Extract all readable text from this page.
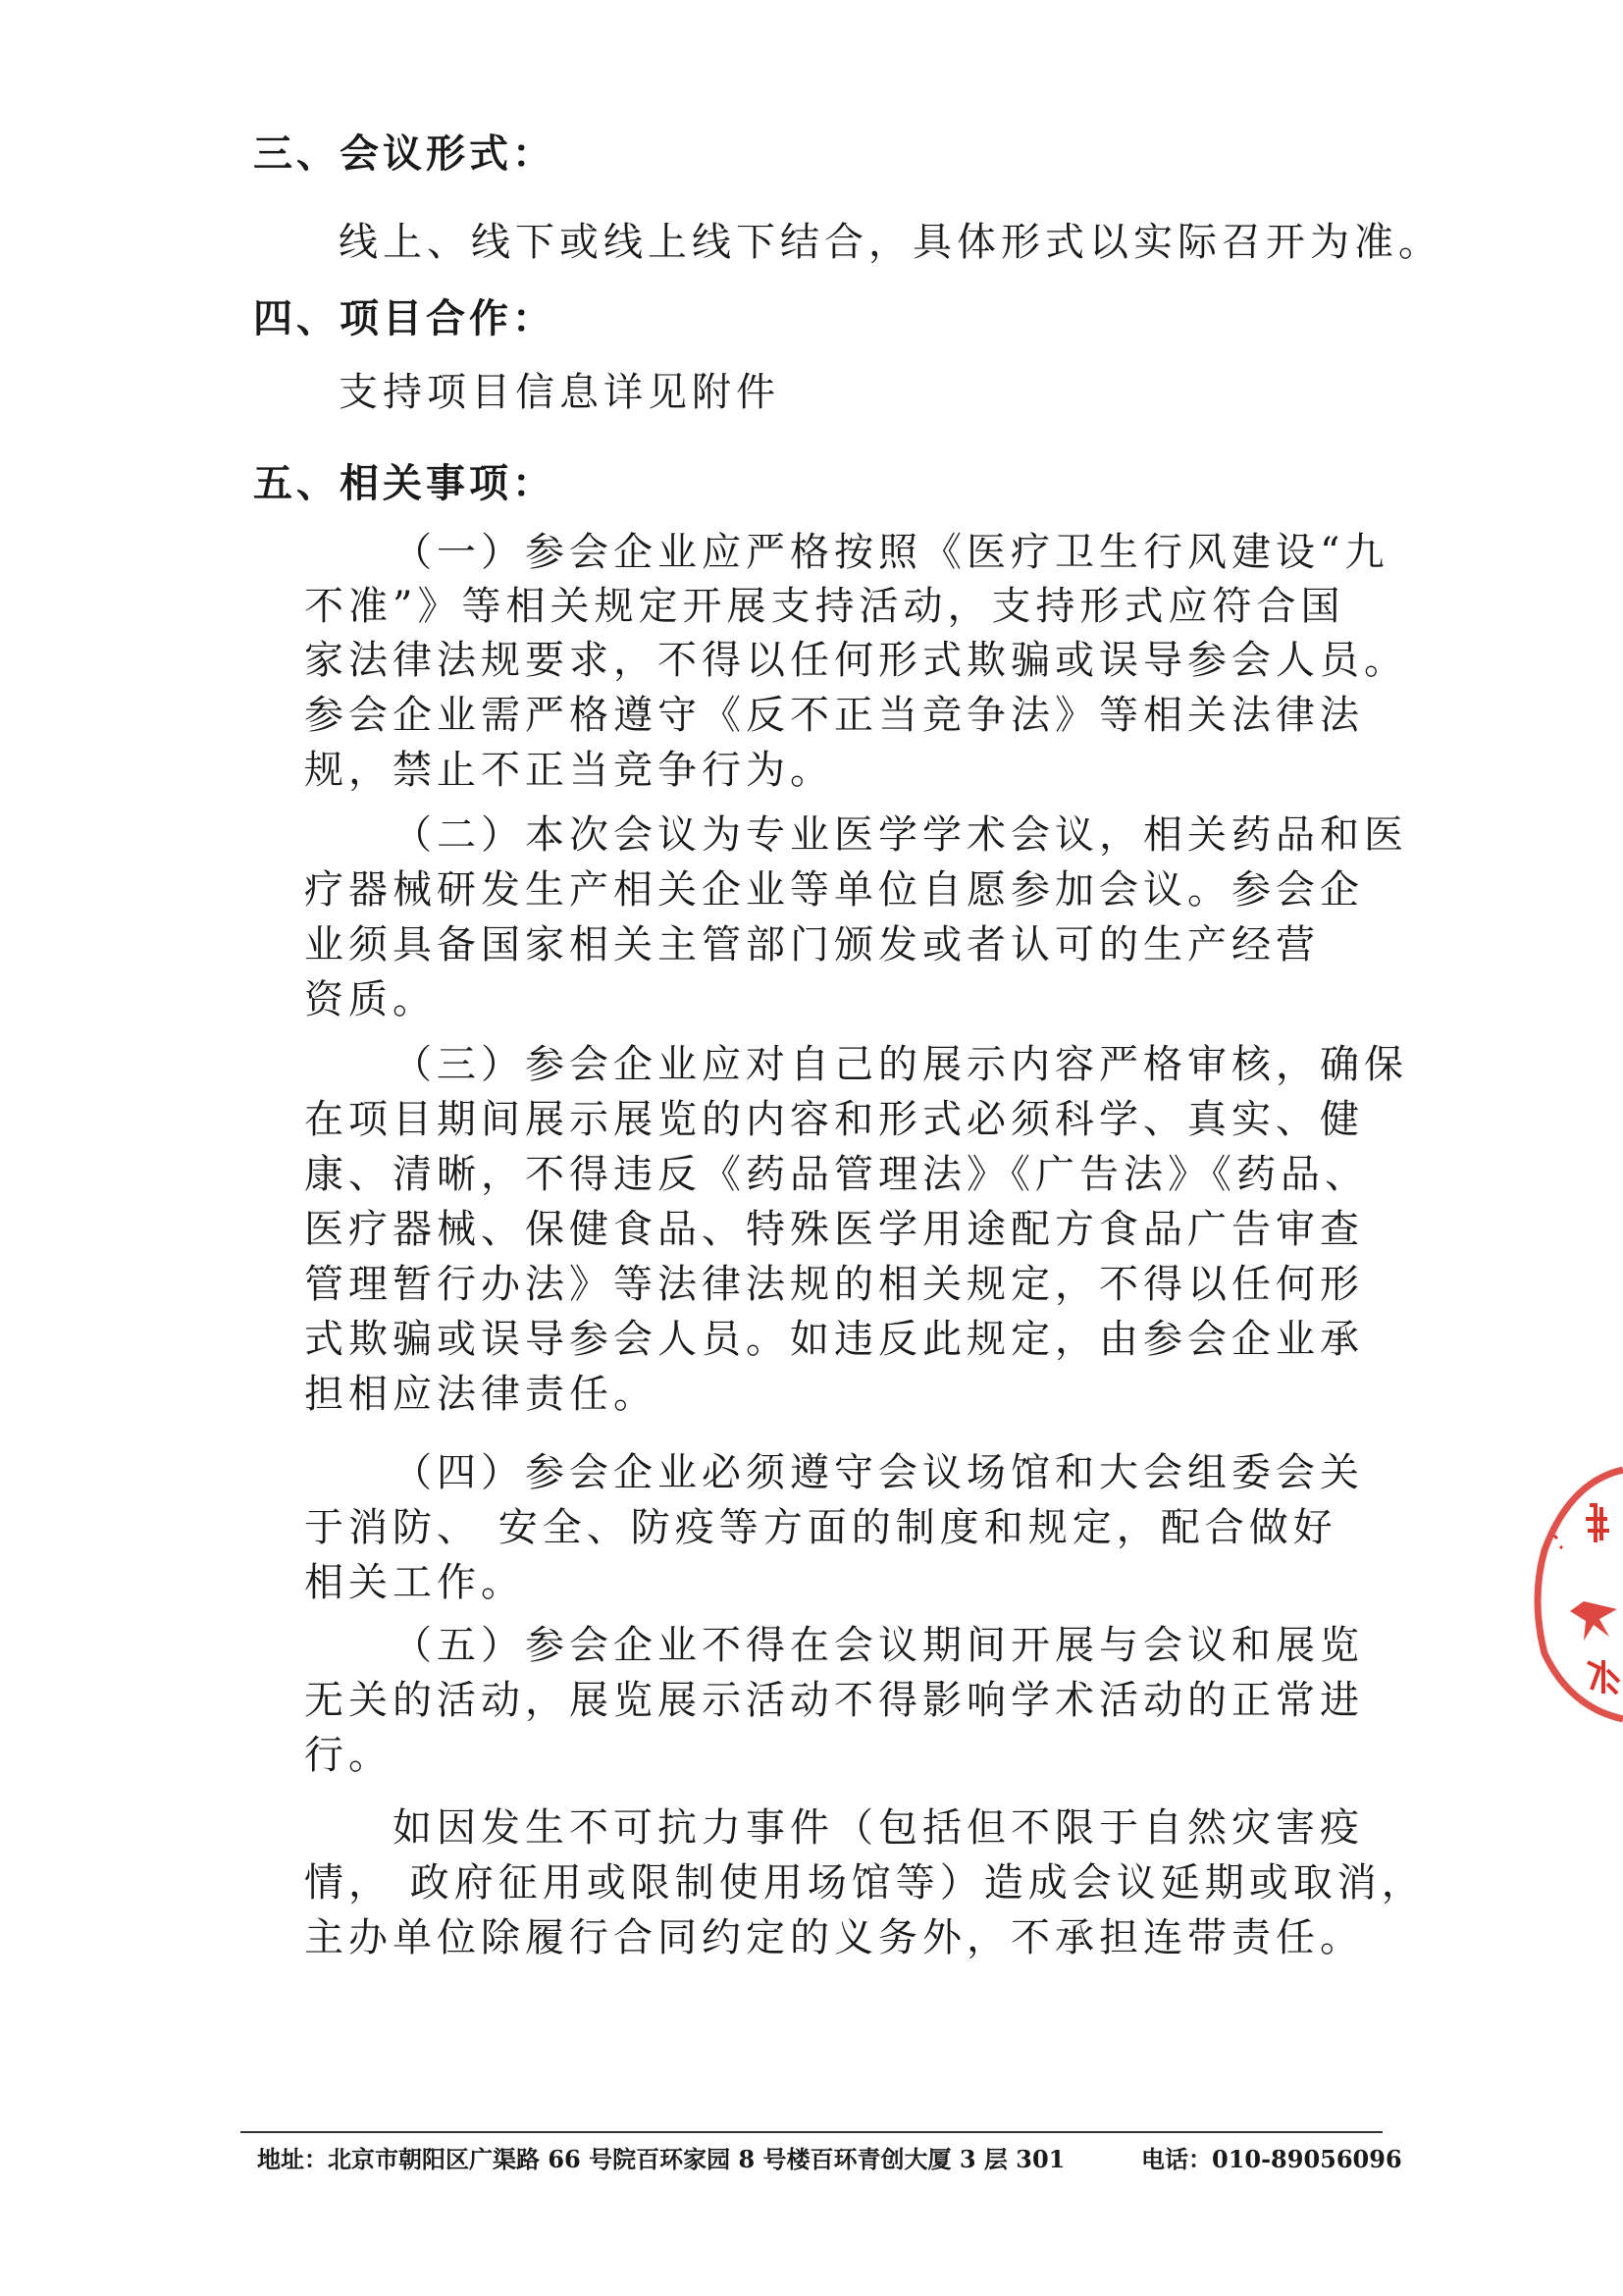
三、会议形式：
线上、线下或线上线下结合，具体形式以实际召开为准。
四、项目合作：
支持项目信息详见附件
五、相关事项：
（一）参会企业应严格按照《医疗卫生行风建设“九
不准”》等相关规定开展支持活动，支持形式应符合国
家法律法规要求，不得以任何形式欺骗或误导参会人员。
参会企业需严格遵守《反不正当竞争法》等相关法律法
规，禁止不正当竞争行为。
（二）本次会议为专业医学学术会议，相关药品和医
疗器械研发生产相关企业等单位自愿参加会议。参会企
业须具备国家相关主管部门颁发或者认可的生产经营
资质。
（三）参会企业应对自己的展示内容严格审核，确保
在项目期间展示展览的内容和形式必须科学、真实、健
康、清晰，不得违反《药品管理法》《广告法》《药品、
医疗器械、保健食品、特殊医学用途配方食品广告审查
管理暂行办法》等法律法规的相关规定，不得以任何形
式欺骗或误导参会人员。如违反此规定，由参会企业承
担相应法律责任。
（四）参会企业必须遵守会议场馆和大会组委会关
于消防、 安全、防疫等方面的制度和规定，配合做好
相关工作。
（五）参会企业不得在会议期间开展与会议和展览
无关的活动，展览展示活动不得影响学术活动的正常进
行。
如因发生不可抗力事件（包括但不限于自然灾害疫
情， 政府征用或限制使用场馆等）造成会议延期或取消，
主办单位除履行合同约定的义务外，不承担连带责任。
地址：北京市朝阳区广渠路 66 号院百环家园 8 号楼百环青创大厦 3 层 301	电话：010-89056096
